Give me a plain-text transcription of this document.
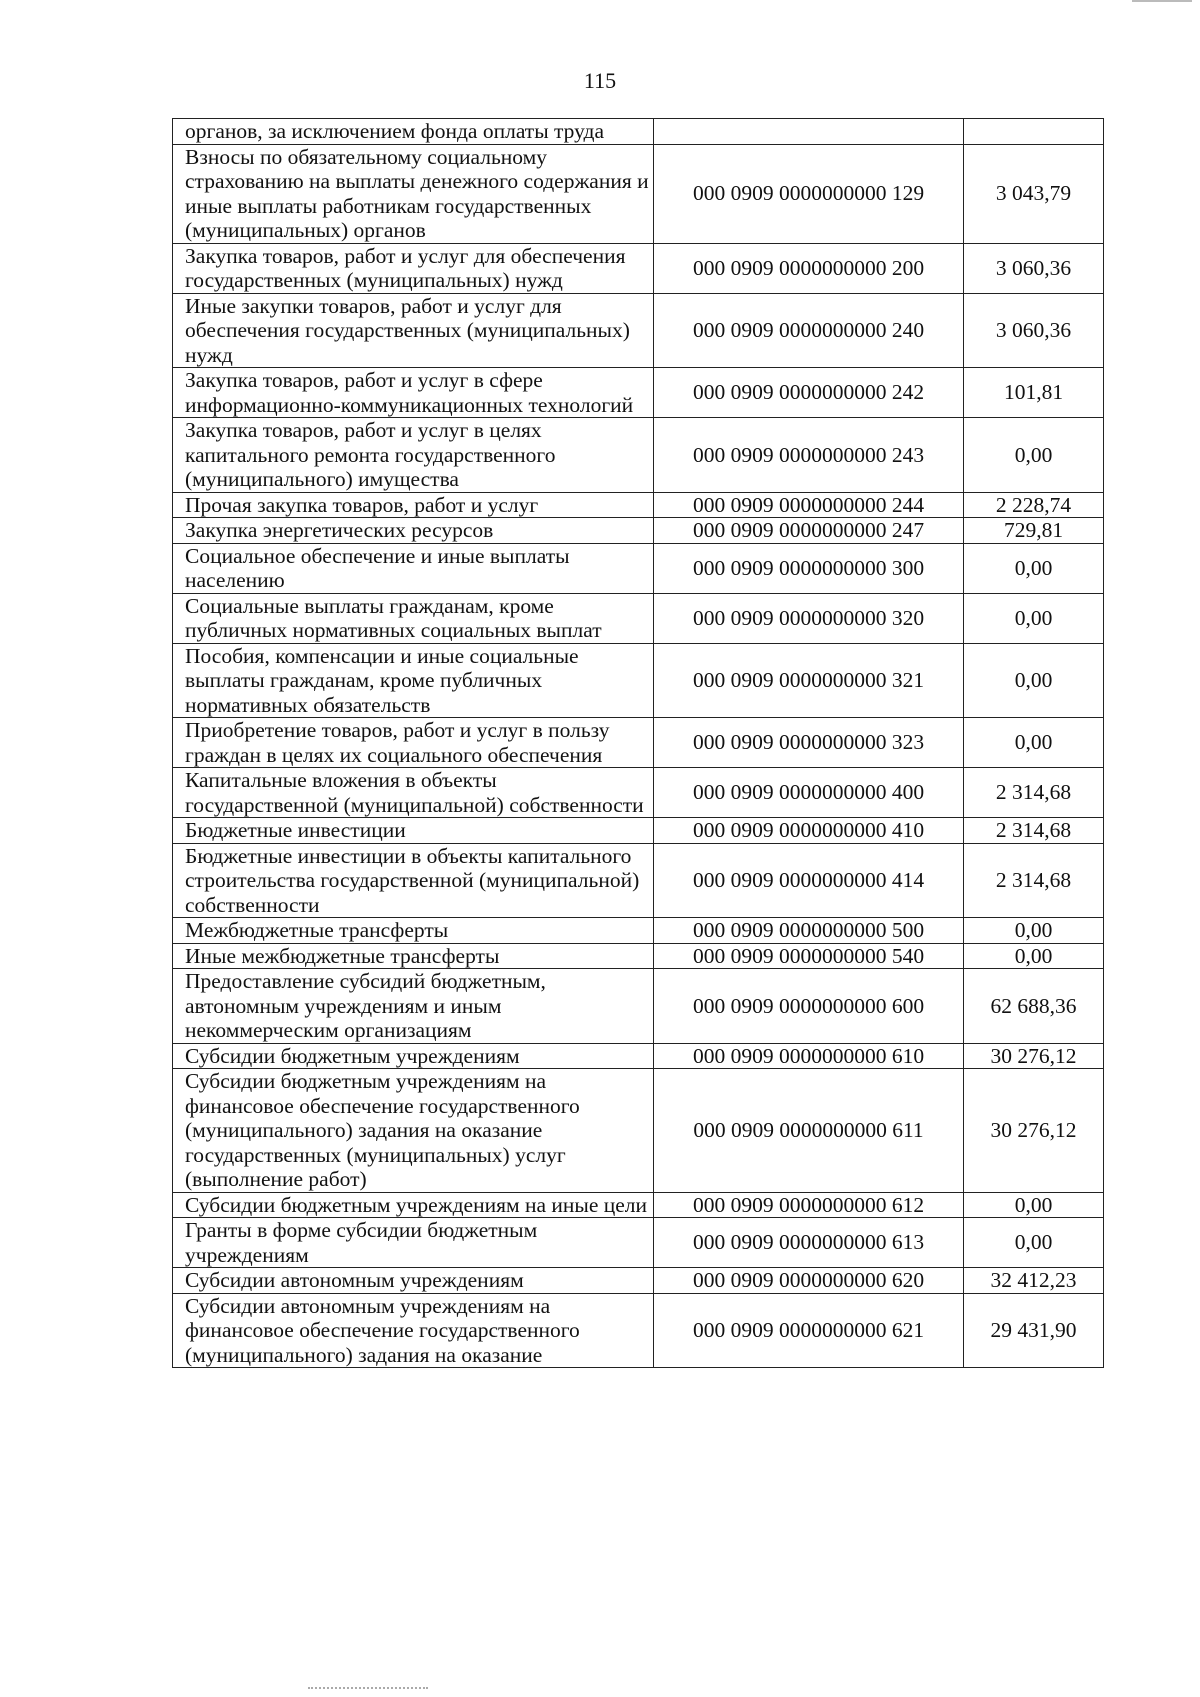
115
органов, за исключением фонда оплаты труда		
Взносы по обязательному социальному страхованию на выплаты денежного содержания и иные выплаты работникам государственных (муниципальных) органов	000 0909 0000000000 129	3 043,79
Закупка товаров, работ и услуг для обеспечения государственных (муниципальных) нужд	000 0909 0000000000 200	3 060,36
Иные закупки товаров, работ и услуг для обеспечения государственных (муниципальных) нужд	000 0909 0000000000 240	3 060,36
Закупка товаров, работ и услуг в сфере информационно-коммуникационных технологий	000 0909 0000000000 242	101,81
Закупка товаров, работ и услуг в целях капитального ремонта государственного (муниципального) имущества	000 0909 0000000000 243	0,00
Прочая закупка товаров, работ и услуг	000 0909 0000000000 244	2 228,74
Закупка энергетических ресурсов	000 0909 0000000000 247	729,81
Социальное обеспечение и иные выплаты населению	000 0909 0000000000 300	0,00
Социальные выплаты гражданам, кроме публичных нормативных социальных выплат	000 0909 0000000000 320	0,00
Пособия, компенсации и иные социальные выплаты гражданам, кроме публичных нормативных обязательств	000 0909 0000000000 321	0,00
Приобретение товаров, работ и услуг в пользу граждан в целях их социального обеспечения	000 0909 0000000000 323	0,00
Капитальные вложения в объекты государственной (муниципальной) собственности	000 0909 0000000000 400	2 314,68
Бюджетные инвестиции	000 0909 0000000000 410	2 314,68
Бюджетные инвестиции в объекты капитального строительства государственной (муниципальной) собственности	000 0909 0000000000 414	2 314,68
Межбюджетные трансферты	000 0909 0000000000 500	0,00
Иные межбюджетные трансферты	000 0909 0000000000 540	0,00
Предоставление субсидий бюджетным, автономным учреждениям и иным некоммерческим организациям	000 0909 0000000000 600	62 688,36
Субсидии бюджетным учреждениям	000 0909 0000000000 610	30 276,12
Субсидии бюджетным учреждениям на финансовое обеспечение государственного (муниципального) задания на оказание государственных (муниципальных) услуг (выполнение работ)	000 0909 0000000000 611	30 276,12
Субсидии бюджетным учреждениям на иные цели	000 0909 0000000000 612	0,00
Гранты в форме субсидии бюджетным учреждениям	000 0909 0000000000 613	0,00
Субсидии автономным учреждениям	000 0909 0000000000 620	32 412,23
Субсидии автономным учреждениям на финансовое обеспечение государственного (муниципального) задания на оказание	000 0909 0000000000 621	29 431,90
